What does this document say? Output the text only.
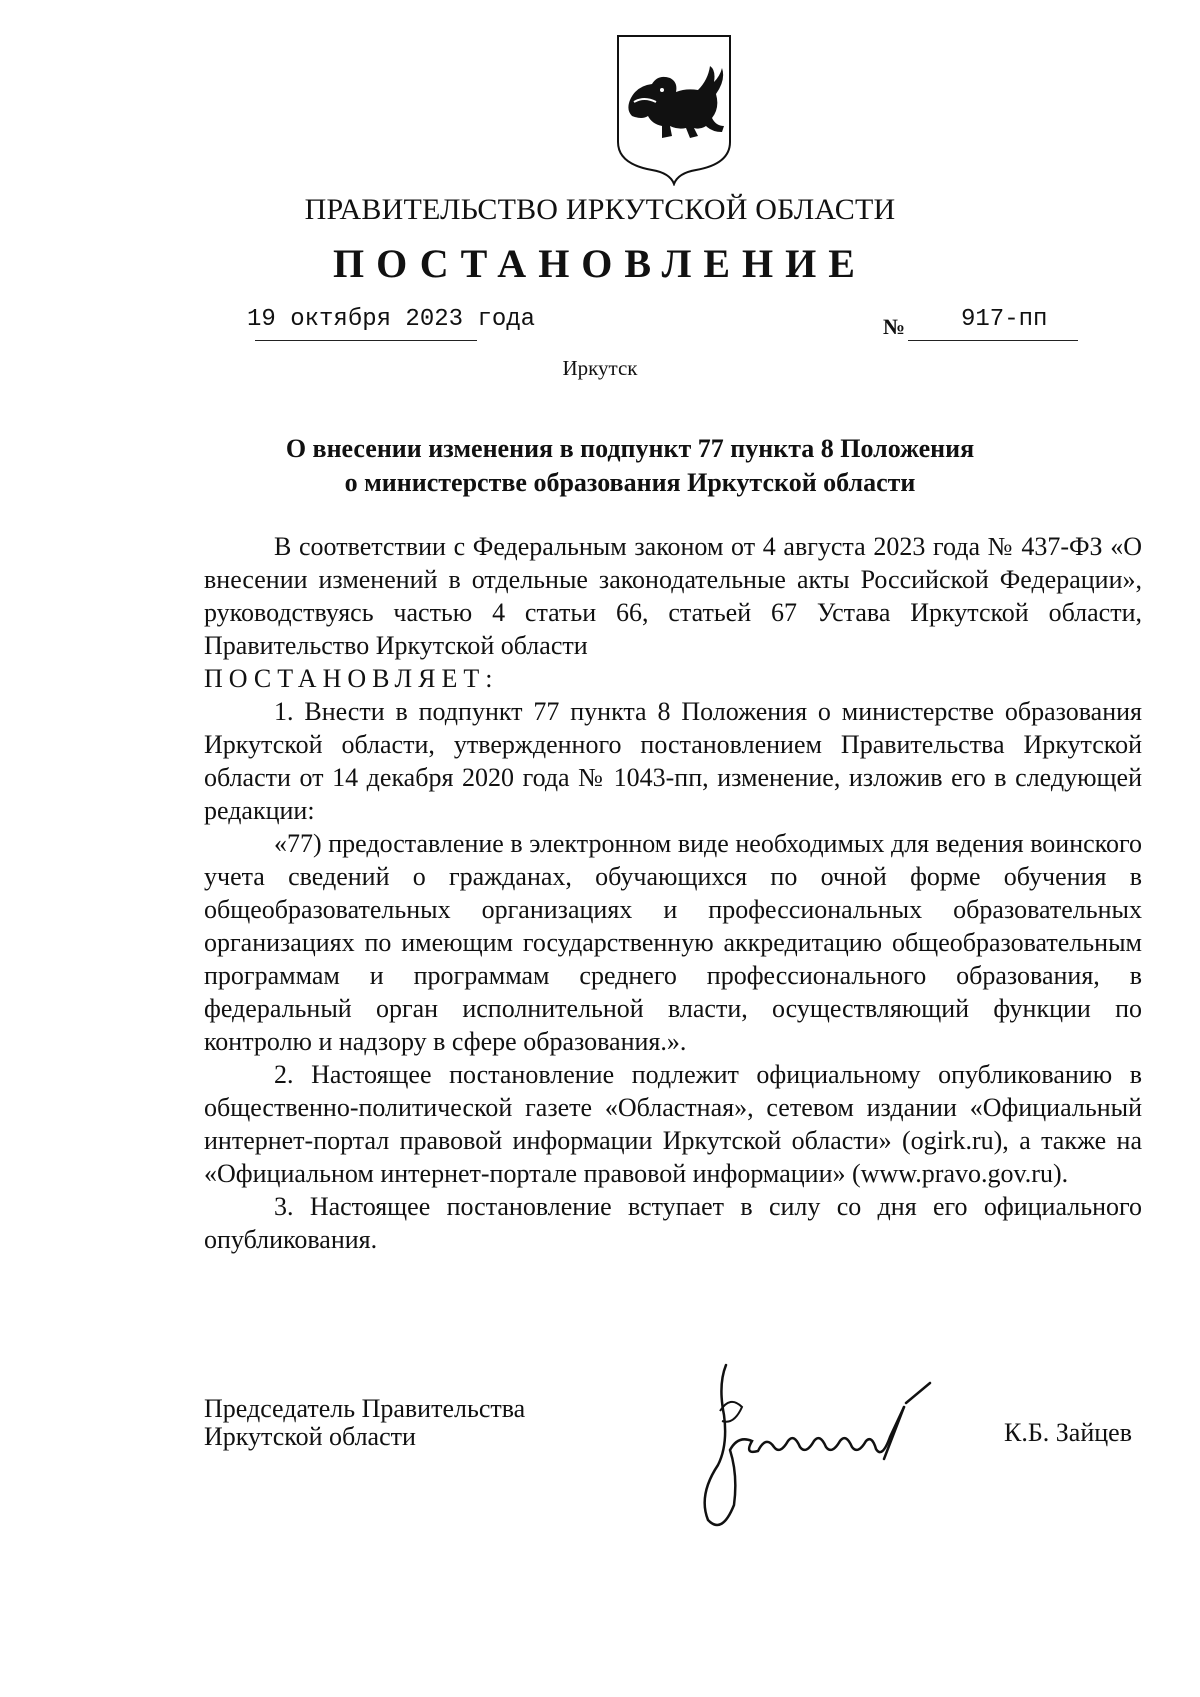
ПРАВИТЕЛЬСТВО ИРКУТСКОЙ ОБЛАСТИ
ПОСТАНОВЛЕНИЕ
19 октября 2023 года	№ 917-пп
Иркутск
О внесении изменения в подпункт 77 пункта 8 Положения
о министерстве образования Иркутской области

В соответствии с Федеральным законом от 4 августа 2023 года № 437-ФЗ «О внесении изменений в отдельные законодательные акты Российской Федерации», руководствуясь частью 4 статьи 66, статьей 67 Устава Иркутской области, Правительство Иркутской области

ПОСТАНОВЛЯЕТ:

1. Внести в подпункт 77 пункта 8 Положения о министерстве образования Иркутской области, утвержденного постановлением Правительства Иркутской области от 14 декабря 2020 года № 1043-пп, изменение, изложив его в следующей редакции:

«77) предоставление в электронном виде необходимых для ведения воинского учета сведений о гражданах, обучающихся по очной форме обучения в общеобразовательных организациях и профессиональных образовательных организациях по имеющим государственную аккредитацию общеобразовательным программам и программам среднего профессионального образования, в федеральный орган исполнительной власти, осуществляющий функции по контролю и надзору в сфере образования.».

2. Настоящее постановление подлежит официальному опубликованию в общественно-политической газете «Областная», сетевом издании «Официальный интернет-портал правовой информации Иркутской области» (ogirk.ru), а также на «Официальном интернет-портале правовой информации» (www.pravo.gov.ru).

3. Настоящее постановление вступает в силу со дня его официального опубликования.

Председатель Правительства
Иркутской области	К.Б. Зайцев
